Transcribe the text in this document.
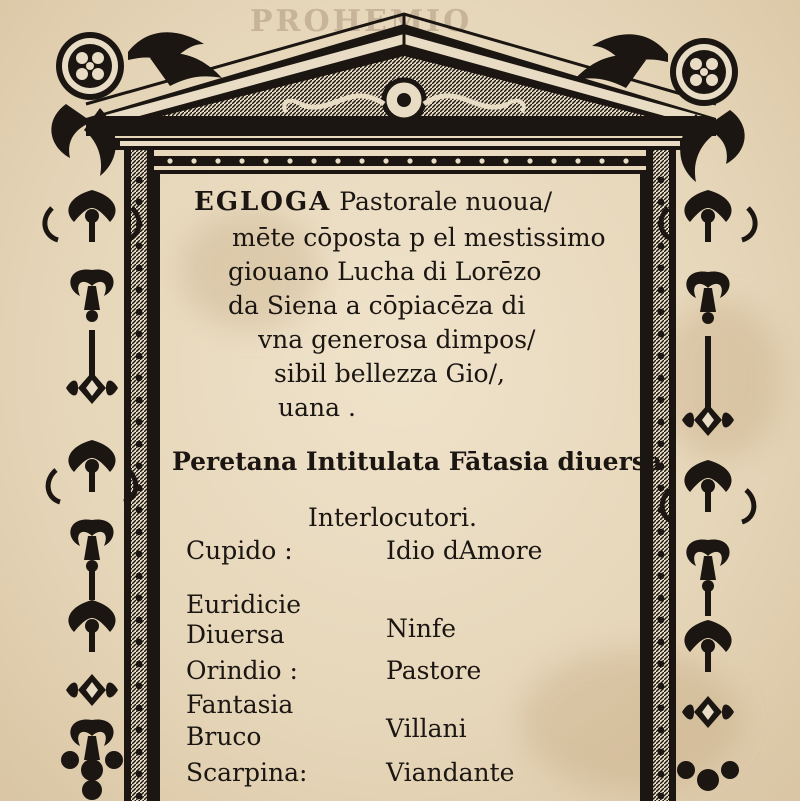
PROHEMIO
EGLOGA Pastorale nuoua/
mēte cōposta p el mestissimo
giouano Lucha di Lorēzo
da Siena a cōpiacēza di
vna generosa dimpos/
sibil bellezza Gio/,
uana .
Peretana Intitulata Fātasia diuersa
Interlocutori.
Cupido :	Idio dAmore
Euridicie
Diuersa	Ninfe
Orindio :	Pastore
Fantasia
Bruco	Villani
Scarpina:	Viandante
